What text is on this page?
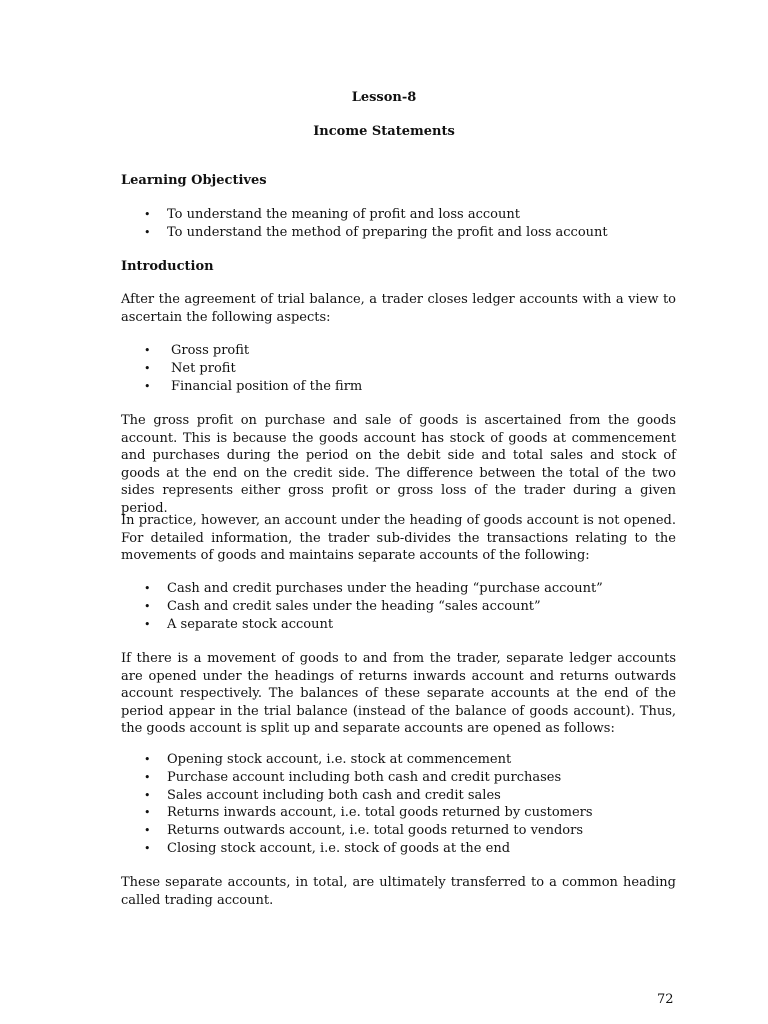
Lesson-8
Income Statements
Learning Objectives
• To understand the meaning of profit and loss account
• To understand the method of preparing the profit and loss account
Introduction

After the agreement of trial balance, a trader closes ledger accounts with a view to ascertain the following aspects:

• Gross profit
• Net profit
• Financial position of the firm

The gross profit on purchase and sale of goods is ascertained from the goods account. This is because the goods account has stock of goods at commencement and purchases during the period on the debit side and total sales and stock of goods at the end on the credit side. The difference between the total of the two sides represents either gross profit or gross loss of the trader during a given period.

In practice, however, an account under the heading of goods account is not opened. For detailed information, the trader sub-divides the transactions relating to the movements of goods and maintains separate accounts of the following:

• Cash and credit purchases under the heading “purchase account”
• Cash and credit sales under the heading “sales account”
• A separate stock account

If there is a movement of goods to and from the trader, separate ledger accounts are opened under the headings of returns inwards account and returns outwards account respectively. The balances of these separate accounts at the end of the period appear in the trial balance (instead of the balance of goods account). Thus, the goods account is split up and separate accounts are opened as follows:

• Opening stock account, i.e. stock at commencement
• Purchase account including both cash and credit purchases
• Sales account including both cash and credit sales
• Returns inwards account, i.e. total goods returned by customers
• Returns outwards account, i.e. total goods returned to vendors
• Closing stock account, i.e. stock of goods at the end

These separate accounts, in total, are ultimately transferred to a common heading called trading account.

72
